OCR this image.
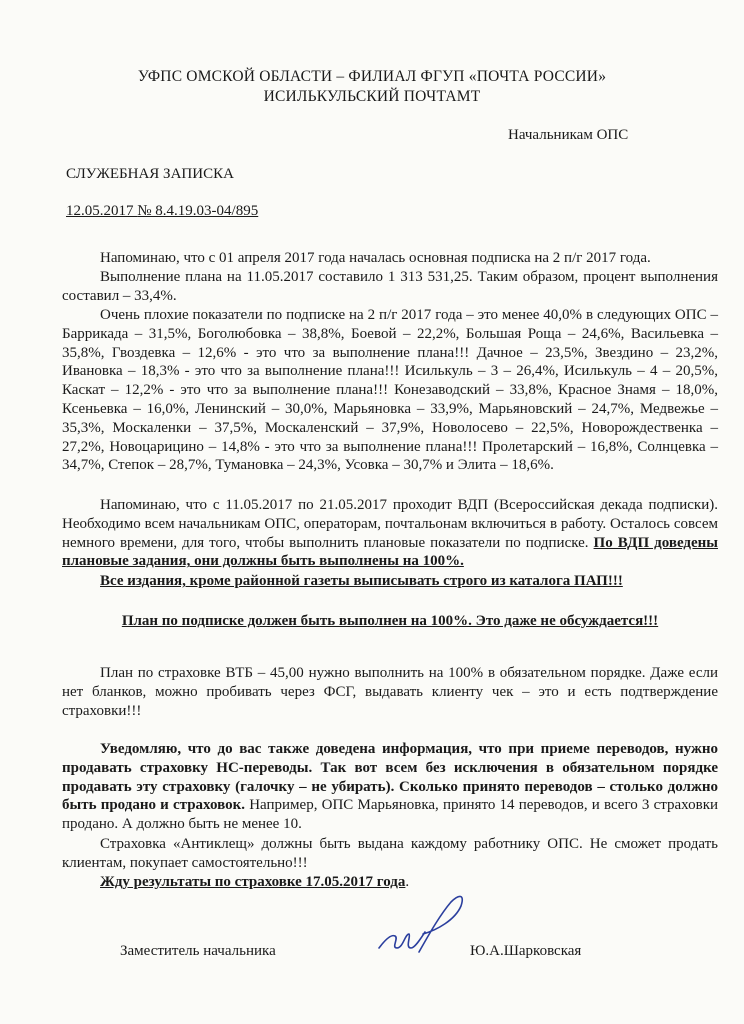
УФПС ОМСКОЙ ОБЛАСТИ – ФИЛИАЛ ФГУП «ПОЧТА РОССИИ»
ИСИЛЬКУЛЬСКИЙ ПОЧТАМТ
Начальникам ОПС
СЛУЖЕБНАЯ ЗАПИСКА
12.05.2017 № 8.4.19.03-04/895
Напоминаю, что с 01 апреля 2017 года началась основная подписка на 2 п/г 2017 года.
Выполнение плана на 11.05.2017 составило 1 313 531,25. Таким образом, процент выполнения составил – 33,4%.
Очень плохие показатели по подписке на 2 п/г 2017 года – это менее 40,0% в следующих ОПС – Баррикада – 31,5%, Боголюбовка – 38,8%, Боевой – 22,2%, Большая Роща – 24,6%, Васильевка – 35,8%, Гвоздевка – 12,6% - это что за выполнение плана!!! Дачное – 23,5%, Звездино – 23,2%, Ивановка – 18,3% - это что за выполнение плана!!! Исилькуль – 3 – 26,4%, Исилькуль – 4 – 20,5%, Каскат – 12,2% - это что за выполнение плана!!! Конезаводский – 33,8%, Красное Знамя – 18,0%, Ксеньевка – 16,0%, Ленинский – 30,0%, Марьяновка – 33,9%, Марьяновский – 24,7%, Медвежье – 35,3%, Москаленки – 37,5%, Москаленский – 37,9%, Новолосево – 22,5%, Новорождественка – 27,2%, Новоцарицино – 14,8% - это что за выполнение плана!!! Пролетарский – 16,8%, Солнцевка – 34,7%, Степок – 28,7%, Тумановка – 24,3%, Усовка – 30,7% и Элита – 18,6%.
Напоминаю, что с 11.05.2017 по 21.05.2017 проходит ВДП (Всероссийская декада подписки). Необходимо всем начальникам ОПС, операторам, почтальонам включиться в работу. Осталось совсем немного времени, для того, чтобы выполнить плановые показатели по подписке. По ВДП доведены плановые задания, они должны быть выполнены на 100%.
Все издания, кроме районной газеты выписывать строго из каталога ПАП!!!
План по подписке должен быть выполнен на 100%. Это даже не обсуждается!!!
План по страховке ВТБ – 45,00 нужно выполнить на 100% в обязательном порядке. Даже если нет бланков, можно пробивать через ФСГ, выдавать клиенту чек – это и есть подтверждение страховки!!!
Уведомляю, что до вас также доведена информация, что при приеме переводов, нужно продавать страховку НС-переводы. Так вот всем без исключения в обязательном порядке продавать эту страховку (галочку – не убирать). Сколько принято переводов – столько должно быть продано и страховок. Например, ОПС Марьяновка, принято 14 переводов, и всего 3 страховки продано. А должно быть не менее 10.
Страховка «Антиклещ» должны быть выдана каждому работнику ОПС. Не сможет продать клиентам, покупает самостоятельно!!!
Жду результаты по страховке 17.05.2017 года.
Заместитель начальника	Ю.А.Шарковская
